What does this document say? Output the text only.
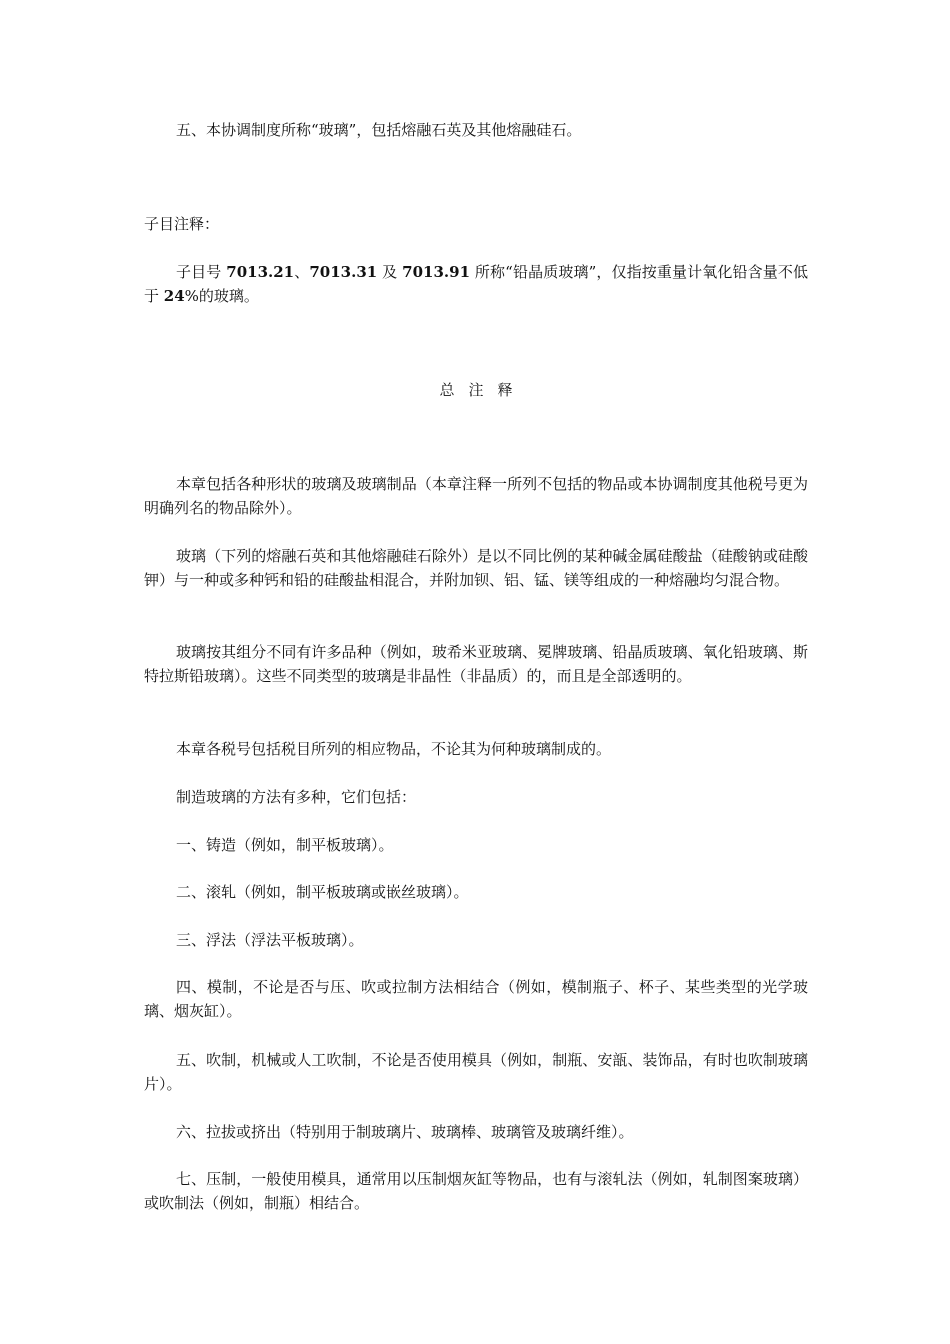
五、本协调制度所称“玻璃”，包括熔融石英及其他熔融硅石。

子目注释：

子目号 7013.21、7013.31 及 7013.91 所称“铅晶质玻璃”，仅指按重量计氧化铅含量不低于 24%的玻璃。

总注释

本章包括各种形状的玻璃及玻璃制品（本章注释一所列不包括的物品或本协调制度其他税号更为明确列名的物品除外）。

玻璃（下列的熔融石英和其他熔融硅石除外）是以不同比例的某种碱金属硅酸盐（硅酸钠或硅酸钾）与一种或多种钙和铅的硅酸盐相混合，并附加钡、铝、锰、镁等组成的一种熔融均匀混合物。

玻璃按其组分不同有许多品种（例如，玻希米亚玻璃、冕牌玻璃、铅晶质玻璃、氧化铅玻璃、斯特拉斯铅玻璃）。这些不同类型的玻璃是非晶性（非晶质）的，而且是全部透明的。

本章各税号包括税目所列的相应物品，不论其为何种玻璃制成的。

制造玻璃的方法有多种，它们包括：

一、铸造（例如，制平板玻璃）。

二、滚轧（例如，制平板玻璃或嵌丝玻璃）。

三、浮法（浮法平板玻璃）。

四、模制，不论是否与压、吹或拉制方法相结合（例如，模制瓶子、杯子、某些类型的光学玻璃、烟灰缸）。

五、吹制，机械或人工吹制，不论是否使用模具（例如，制瓶、安瓿、装饰品，有时也吹制玻璃片）。

六、拉拔或挤出（特别用于制玻璃片、玻璃棒、玻璃管及玻璃纤维）。

七、压制，一般使用模具，通常用以压制烟灰缸等物品，也有与滚轧法（例如，轧制图案玻璃）或吹制法（例如，制瓶）相结合。
